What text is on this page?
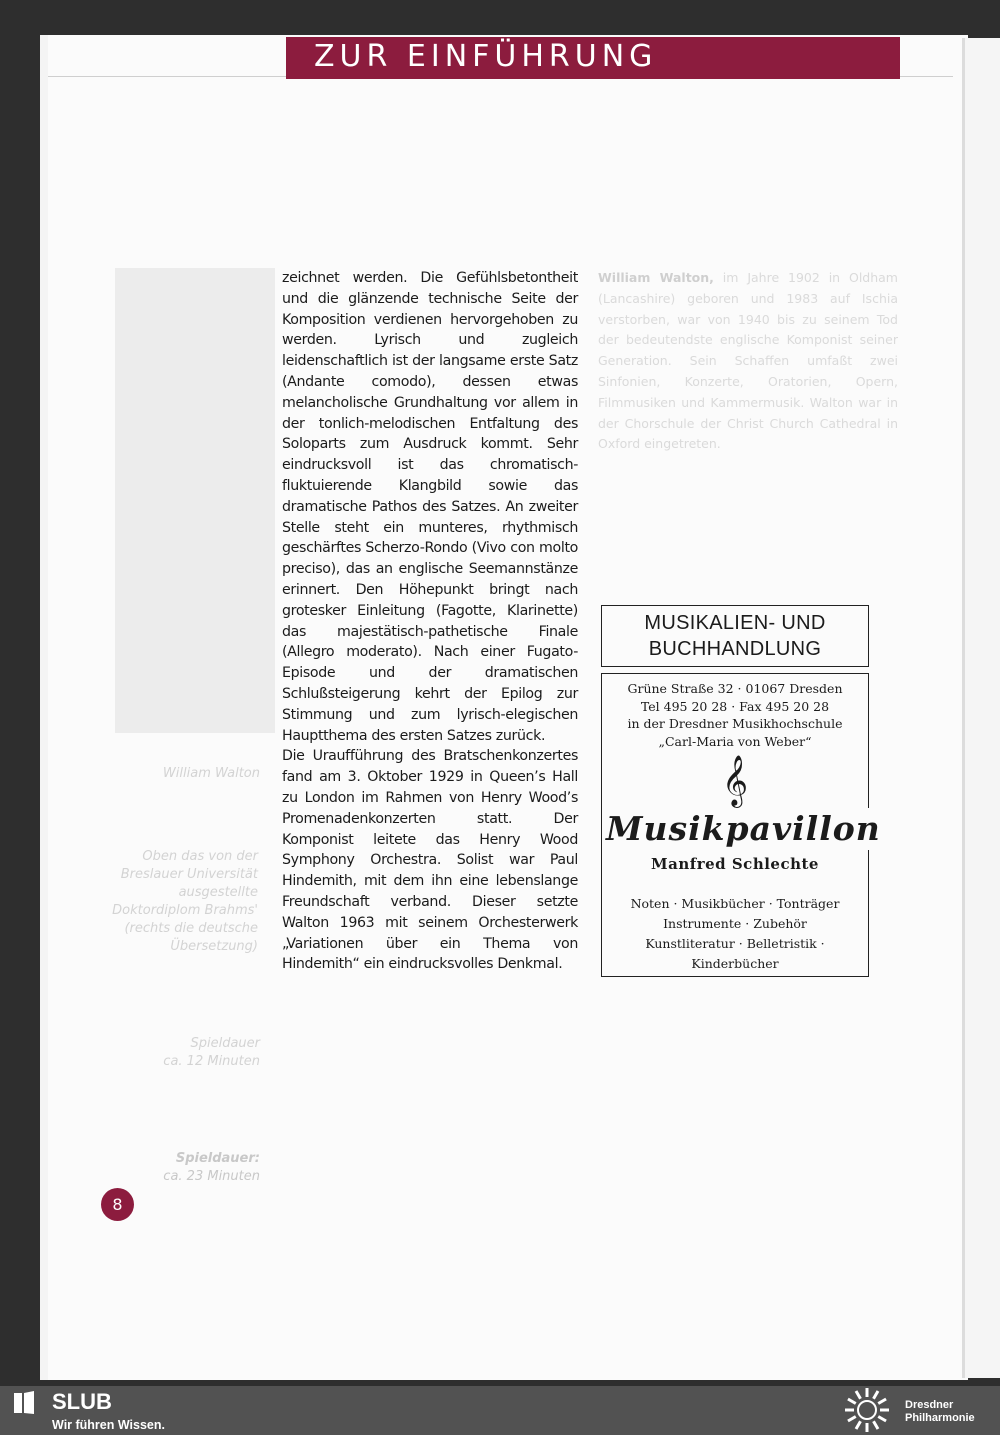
ZUR EINFÜHRUNG
William Walton
Oben das von der Breslauer Universität ausgestellte Doktordiplom Brahms' (rechts die deutsche Übersetzung)
Spieldauer
ca. 12 Minuten
Spieldauer:
ca. 23 Minuten
William Walton, im Jahre 1902 in Oldham (Lancashire) geboren und 1983 auf Ischia verstorben, war von 1940 bis zu seinem Tod der bedeutendste englische Komponist seiner Generation. Sein Schaffen umfaßt zwei Sinfonien, Konzerte, Oratorien, Opern, Filmmusiken und Kammermusik. Walton war in der Chorschule der Christ Church Cathedral in Oxford eingetreten.

zeichnet werden. Die Gefühlsbetontheit und die glänzende technische Seite der Komposition verdienen hervorgehoben zu werden. Lyrisch und zugleich leidenschaftlich ist der langsame erste Satz (Andante comodo), dessen etwas melancholische Grundhaltung vor allem in der tonlich-melodischen Entfaltung des Soloparts zum Ausdruck kommt. Sehr eindrucksvoll ist das chromatisch-fluktuierende Klangbild sowie das dramatische Pathos des Satzes. An zweiter Stelle steht ein munteres, rhythmisch geschärftes Scherzo-Rondo (Vivo con molto preciso), das an englische Seemannstänze erinnert. Den Höhepunkt bringt nach grotesker Einleitung (Fagotte, Klarinette) das majestätisch-pathetische Finale (Allegro moderato). Nach einer Fugato-Episode und der dramatischen Schlußsteigerung kehrt der Epilog zur Stimmung und zum lyrisch-elegischen Hauptthema des ersten Satzes zurück.

Die Uraufführung des Bratschenkonzertes fand am 3. Oktober 1929 in Queen’s Hall zu London im Rahmen von Henry Wood’s Promenadenkonzerten statt. Der Komponist leitete das Henry Wood Symphony Orchestra. Solist war Paul Hindemith, mit dem ihn eine lebenslange Freundschaft verband. Dieser setzte Walton 1963 mit seinem Orchesterwerk „Variationen über ein Thema von Hindemith“ ein eindrucksvolles Denkmal.

MUSIKALIEN- UND
BUCHHANDLUNG
Grüne Straße 32 · 01067 Dresden
Tel 495 20 28 · Fax 495 20 28
in der Dresdner Musikhochschule
„Carl-Maria von Weber“
𝄞
Musikpavillon
Manfred Schlechte
Noten · Musikbücher · Tonträger
Instrumente · Zubehör
Kunstliteratur · Belletristik · Kinderbücher
8
SLUB
Wir führen Wissen.
Dresdner
Philharmonie
